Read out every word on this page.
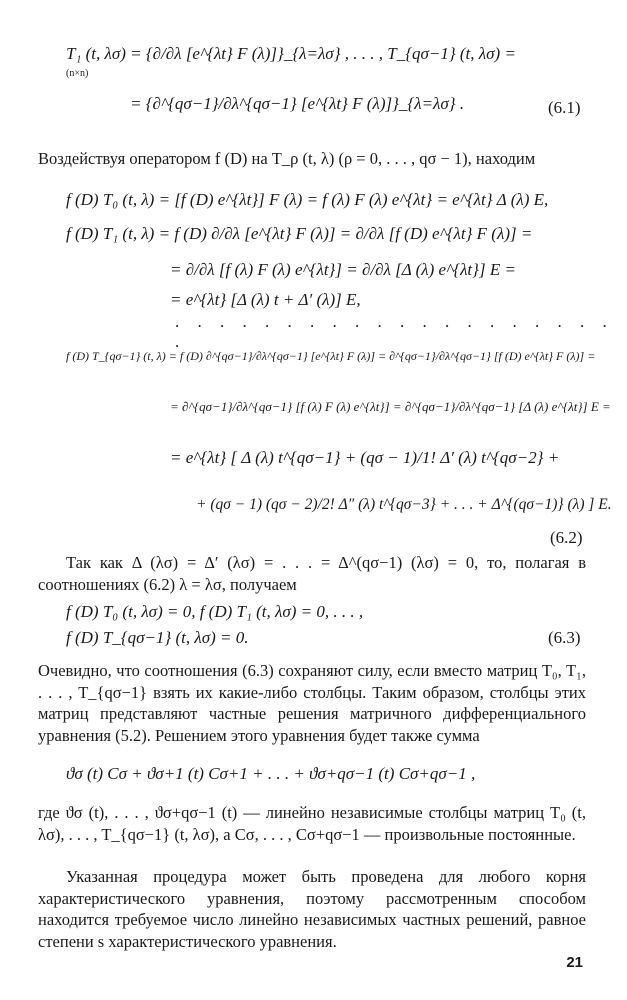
T₁ (t, λσ) = {∂/∂λ [e^{λt} F (λ)]}_{λ=λσ} , . . . , T_{qσ−1} (t, λσ) =
(n×n)
= {∂^{qσ−1}/∂λ^{qσ−1} [e^{λt} F (λ)]}_{λ=λσ} .	(6.1)
Воздействуя оператором f (D) на T_ρ (t, λ) (ρ = 0, . . . , qσ − 1), находим
f (D) T₀ (t, λ) = [f (D) e^{λt}] F (λ) = f (λ) F (λ) e^{λt} = e^{λt} Δ (λ) E,
f (D) T₁ (t, λ) = f (D) ∂/∂λ [e^{λt} F (λ)] = ∂/∂λ [f (D) e^{λt} F (λ)] =
= ∂/∂λ [f (λ) F (λ) e^{λt}] = ∂/∂λ [Δ (λ) e^{λt}] E =
= e^{λt} [Δ (λ) t + Δ′ (λ)] E,
. . . . . . . . . . . . . . . . . . . . .
f (D) T_{qσ−1} (t, λ) = f (D) ∂^{qσ−1}/∂λ^{qσ−1} [e^{λt} F (λ)] = ∂^{qσ−1}/∂λ^{qσ−1} [f (D) e^{λt} F (λ)] =
= ∂^{qσ−1}/∂λ^{qσ−1} [f (λ) F (λ) e^{λt}] = ∂^{qσ−1}/∂λ^{qσ−1} [Δ (λ) e^{λt}] E =
= e^{λt} [ Δ (λ) t^{qσ−1} + (qσ − 1)/1! Δ′ (λ) t^{qσ−2} +
+ (qσ − 1) (qσ − 2)/2! Δ″ (λ) t^{qσ−3} + . . . + Δ^{(qσ−1)} (λ) ] E.
(6.2)
Так как Δ (λσ) = Δ′ (λσ) = . . . = Δ^(qσ−1) (λσ) = 0, то, полагая в соотношениях (6.2) λ = λσ, получаем
f (D) T₀ (t, λσ) = 0, f (D) T₁ (t, λσ) = 0, . . . ,
f (D) T_{qσ−1} (t, λσ) = 0.	(6.3)
Очевидно, что соотношения (6.3) сохраняют силу, если вместо матриц T₀, T₁, . . . , T_{qσ−1} взять их какие-либо столбцы. Таким образом, столбцы этих матриц представляют частные решения матричного дифференциального уравнения (5.2). Решением этого уравнения будет также сумма
ϑσ (t) Cσ + ϑσ+1 (t) Cσ+1 + . . . + ϑσ+qσ−1 (t) Cσ+qσ−1 ,
где ϑσ (t), . . . , ϑσ+qσ−1 (t) — линейно независимые столбцы матриц T₀ (t, λσ), . . . , T_{qσ−1} (t, λσ), а Cσ, . . . , Cσ+qσ−1 — произвольные постоянные.
Указанная процедура может быть проведена для любого корня характеристического уравнения, поэтому рассмотренным способом находится требуемое число линейно независимых частных решений, равное степени s характеристического уравнения.
21
